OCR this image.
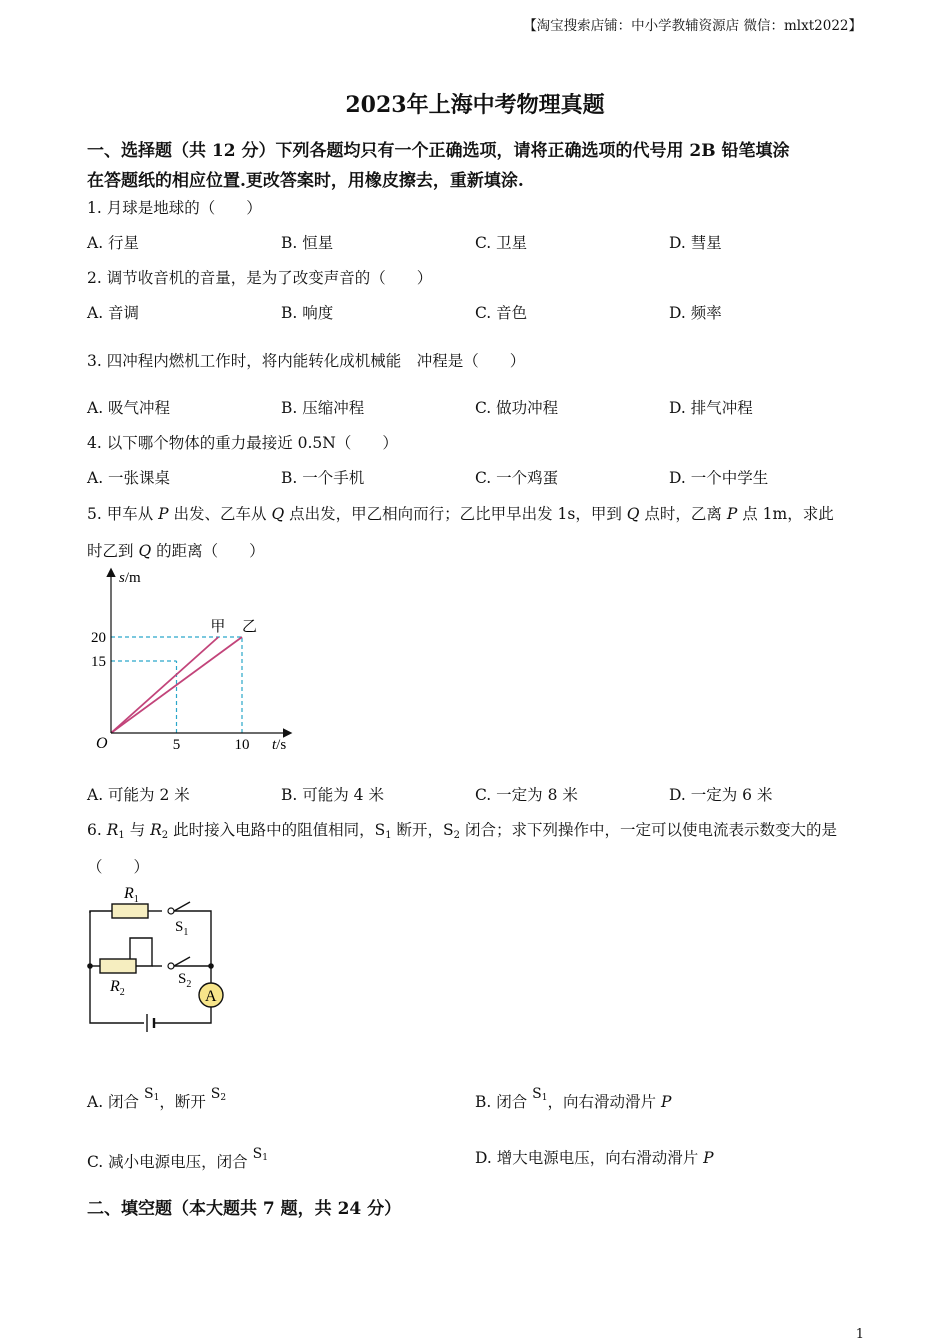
【淘宝搜索店铺：中小学教辅资源店 微信：mlxt2022】
2023年上海中考物理真题
一、选择题（共 12 分）下列各题均只有一个正确选项，请将正确选项的代号用 2B 铅笔填涂
在答题纸的相应位置.更改答案时，用橡皮擦去，重新填涂.
1. 月球是地球的（　　）
A. 行星	B. 恒星	C. 卫星	D. 彗星
2. 调节收音机的音量，是为了改变声音的（　　）
A. 音调	B. 响度	C. 音色	D. 频率
3. 四冲程内燃机工作时，将内能转化成机械能　冲程是（　　）
A. 吸气冲程	B. 压缩冲程	C. 做功冲程	D. 排气冲程
4. 以下哪个物体的重力最接近 0.5N（　　）
A. 一张课桌	B. 一个手机	C. 一个鸡蛋	D. 一个中学生
5. 甲车从 P 出发、乙车从 Q 点出发，甲乙相向而行；乙比甲早出发 1s，甲到 Q 点时，乙离 P 点 1m，求此
时乙到 Q 的距离（　　）
s/m
t/s
O	5	10
15
20
甲 乙
A. 可能为 2 米	B. 可能为 4 米	C. 一定为 8 米	D. 一定为 6 米
6. $R_1$ 与 $R_2$ 此时接入电路中的阻值相同，$S_1$ 断开，$S_2$ 闭合；求下列操作中，一定可以使电流表示数变大的是
（　　）
A
$R_1$
$R_2$
$S_1$
$S_2$
A. 闭合 $^{S_1}$，断开 $^{S_2}$	B. 闭合 $^{S_1}$，向右滑动滑片 P
C. 减小电源电压，闭合 $^{S_1}$	D. 增大电源电压，向右滑动滑片 P
二、填空题（本大题共 7 题，共 24 分）
1
